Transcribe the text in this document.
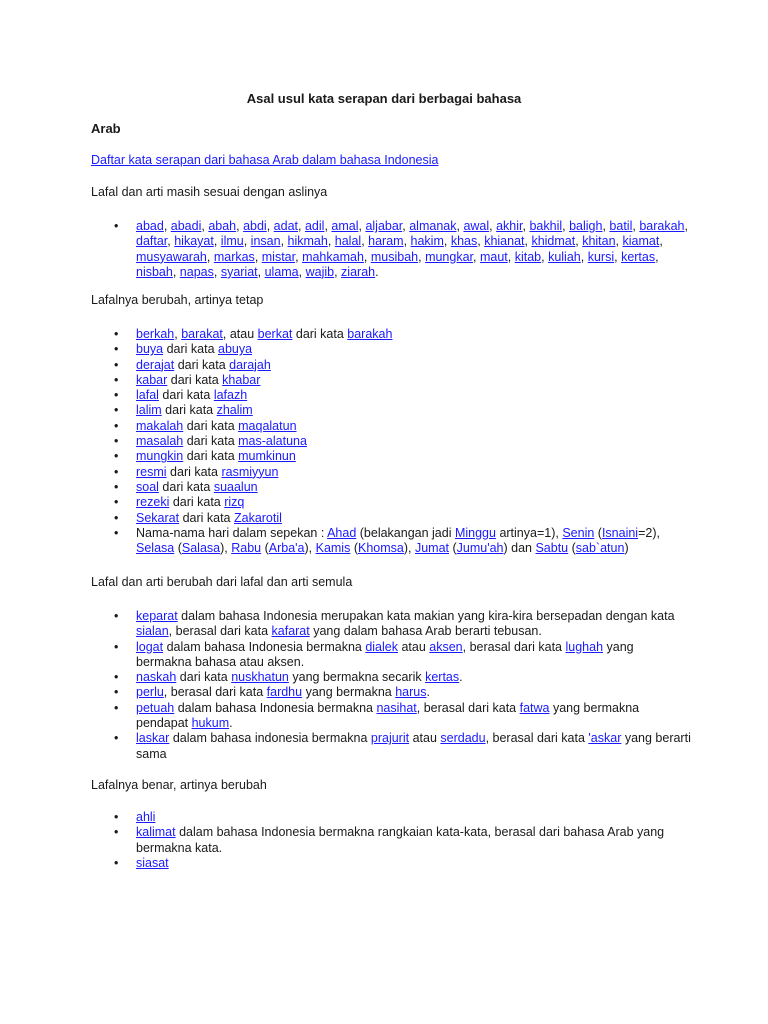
Asal usul kata serapan dari berbagai bahasa

Arab

Daftar kata serapan dari bahasa Arab dalam bahasa Indonesia

Lafal dan arti masih sesuai dengan aslinya

• abad, abadi, abah, abdi, adat, adil, amal, aljabar, almanak, awal, akhir, bakhil, baligh, batil, barakah, daftar, hikayat, ilmu, insan, hikmah, halal, haram, hakim, khas, khianat, khidmat, khitan, kiamat, musyawarah, markas, mistar, mahkamah, musibah, mungkar, maut, kitab, kuliah, kursi, kertas, nisbah, napas, syariat, ulama, wajib, ziarah.

Lafalnya berubah, artinya tetap

• berkah, barakat, atau berkat dari kata barakah
• buya dari kata abuya
• derajat dari kata darajah
• kabar dari kata khabar
• lafal dari kata lafazh
• lalim dari kata zhalim
• makalah dari kata maqalatun
• masalah dari kata mas-alatuna
• mungkin dari kata mumkinun
• resmi dari kata rasmiyyun
• soal dari kata suaalun
• rezeki dari kata rizq
• Sekarat dari kata Zakarotil
• Nama-nama hari dalam sepekan : Ahad (belakangan jadi Minggu artinya=1), Senin (Isnaini=2), Selasa (Salasa), Rabu (Arba'a), Kamis (Khomsa), Jumat (Jumu'ah) dan Sabtu (sab`atun)

Lafal dan arti berubah dari lafal dan arti semula

• keparat dalam bahasa Indonesia merupakan kata makian yang kira-kira bersepadan dengan kata sialan, berasal dari kata kafarat yang dalam bahasa Arab berarti tebusan.
• logat dalam bahasa Indonesia bermakna dialek atau aksen, berasal dari kata lughah yang bermakna bahasa atau aksen.
• naskah dari kata nuskhatun yang bermakna secarik kertas.
• perlu, berasal dari kata fardhu yang bermakna harus.
• petuah dalam bahasa Indonesia bermakna nasihat, berasal dari kata fatwa yang bermakna pendapat hukum.
• laskar dalam bahasa indonesia bermakna prajurit atau serdadu, berasal dari kata 'askar yang berarti sama

Lafalnya benar, artinya berubah

• ahli
• kalimat dalam bahasa Indonesia bermakna rangkaian kata-kata, berasal dari bahasa Arab yang bermakna kata.
• siasat
